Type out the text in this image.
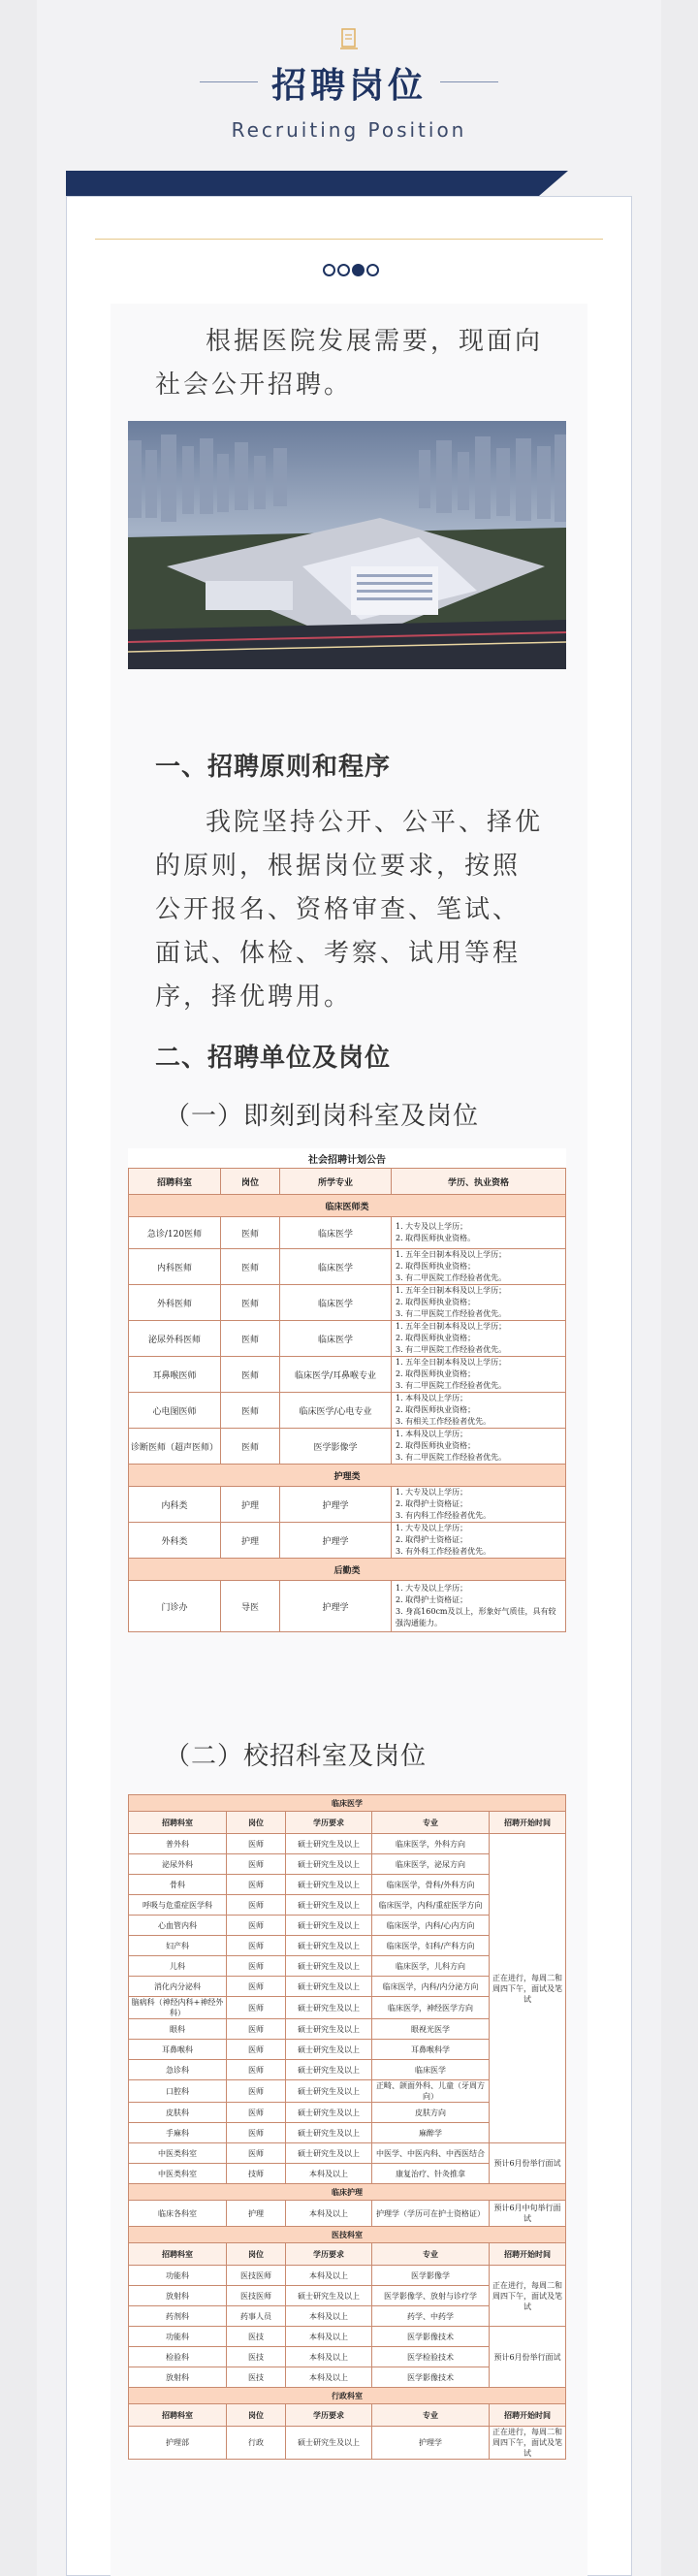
招聘岗位
Recruiting Position

根据医院发展需要，现面向社会公开招聘。

一、招聘原则和程序

我院坚持公开、公平、择优的原则，根据岗位要求，按照公开报名、资格审查、笔试、面试、体检、考察、试用等程序，择优聘用。

二、招聘单位及岗位

（一）即刻到岗科室及岗位

社会招聘计划公告			
招聘科室	岗位	所学专业	学历、执业资格
临床医师类			
急诊/120医师	医师	临床医学	1. 大专及以上学历；
2. 取得医师执业资格。
内科医师	医师	临床医学	1. 五年全日制本科及以上学历；
2. 取得医师执业资格；
3. 有二甲医院工作经验者优先。
外科医师	医师	临床医学	1. 五年全日制本科及以上学历；
2. 取得医师执业资格；
3. 有二甲医院工作经验者优先。
泌尿外科医师	医师	临床医学	1. 五年全日制本科及以上学历；
2. 取得医师执业资格；
3. 有二甲医院工作经验者优先。
耳鼻喉医师	医师	临床医学/耳鼻喉专业	1. 五年全日制本科及以上学历；
2. 取得医师执业资格；
3. 有二甲医院工作经验者优先。
心电图医师	医师	临床医学/心电专业	1. 本科及以上学历；
2. 取得医师执业资格；
3. 有相关工作经验者优先。
诊断医师（超声医师）	医师	医学影像学	1. 本科及以上学历；
2. 取得医师执业资格；
3. 有二甲医院工作经验者优先。
护理类			
内科类	护理	护理学	1. 大专及以上学历；
2. 取得护士资格证；
3. 有内科工作经验者优先。
外科类	护理	护理学	1. 大专及以上学历；
2. 取得护士资格证；
3. 有外科工作经验者优先。
后勤类			
门诊办	导医	护理学	1. 大专及以上学历；
2. 取得护士资格证；
3. 身高160cm及以上，形象好气质佳，具有较强沟通能力。

（二）校招科室及岗位

临床医学				
招聘科室	岗位	学历要求	专业	招聘开始时间
普外科	医师	硕士研究生及以上	临床医学，外科方向	正在进行，每周二和周四下午，面试及笔试
泌尿外科	医师	硕士研究生及以上	临床医学，泌尿方向	
骨科	医师	硕士研究生及以上	临床医学，骨科/外科方向	
呼吸与危重症医学科	医师	硕士研究生及以上	临床医学，内科/重症医学方向	
心血管内科	医师	硕士研究生及以上	临床医学，内科/心内方向	
妇产科	医师	硕士研究生及以上	临床医学，妇科/产科方向	
儿科	医师	硕士研究生及以上	临床医学，儿科方向	
消化内分泌科	医师	硕士研究生及以上	临床医学，内科/内分泌方向	
脑病科（神经内科+神经外科）	医师	硕士研究生及以上	临床医学，神经医学方向	
眼科	医师	硕士研究生及以上	眼视光医学	
耳鼻喉科	医师	硕士研究生及以上	耳鼻喉科学	
急诊科	医师	硕士研究生及以上	临床医学	
口腔科	医师	硕士研究生及以上	正畸、颌面外科、儿童（牙周方向）	
皮肤科	医师	硕士研究生及以上	皮肤方向	
手麻科	医师	硕士研究生及以上	麻醉学	
中医类科室	医师	硕士研究生及以上	中医学、中医内科、中西医结合	预计6月份举行面试
中医类科室	技师	本科及以上	康复治疗、针灸推拿	
临床护理				
临床各科室	护理	本科及以上	护理学（学历可在护士资格证）	预计6月中旬举行面试
医技科室				
招聘科室	岗位	学历要求	专业	招聘开始时间
功能科	医技医师	本科及以上	医学影像学	正在进行，每周二和周四下午，面试及笔试
放射科	医技医师	硕士研究生及以上	医学影像学、放射与诊疗学	
药剂科	药事人员	本科及以上	药学、中药学	
功能科	医技	本科及以上	医学影像技术	预计6月份举行面试
检验科	医技	本科及以上	医学检验技术	
放射科	医技	本科及以上	医学影像技术	
行政科室				
招聘科室	岗位	学历要求	专业	招聘开始时间
护理部	行政	硕士研究生及以上	护理学	正在进行，每周二和周四下午，面试及笔试
